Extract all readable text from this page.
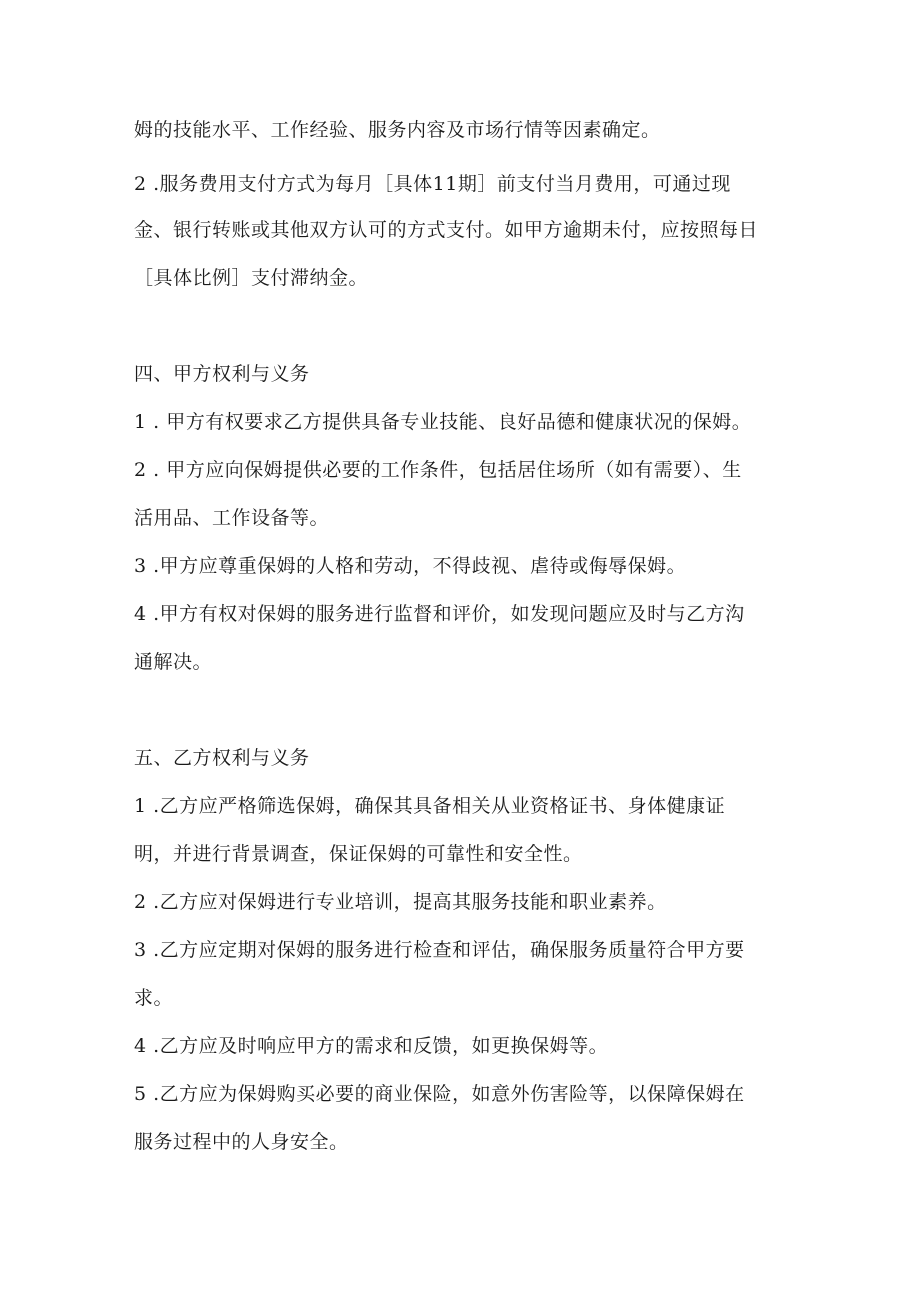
姆的技能水平、工作经验、服务内容及市场行情等因素确定。
2 .服务费用支付方式为每月［具体11期］前支付当月费用，可通过现
金、银行转账或其他双方认可的方式支付。如甲方逾期未付，应按照每日
［具体比例］支付滞纳金。
四、甲方权利与义务
1 . 甲方有权要求乙方提供具备专业技能、良好品德和健康状况的保姆。
2 . 甲方应向保姆提供必要的工作条件，包括居住场所（如有需要）、生
活用品、工作设备等。
3 .甲方应尊重保姆的人格和劳动，不得歧视、虐待或侮辱保姆。
4 .甲方有权对保姆的服务进行监督和评价，如发现问题应及时与乙方沟
通解决。
五、乙方权利与义务
1 .乙方应严格筛选保姆，确保其具备相关从业资格证书、身体健康证
明，并进行背景调查，保证保姆的可靠性和安全性。
2 .乙方应对保姆进行专业培训，提高其服务技能和职业素养。
3 .乙方应定期对保姆的服务进行检查和评估，确保服务质量符合甲方要
求。
4 .乙方应及时响应甲方的需求和反馈，如更换保姆等。
5 .乙方应为保姆购买必要的商业保险，如意外伤害险等，以保障保姆在
服务过程中的人身安全。
